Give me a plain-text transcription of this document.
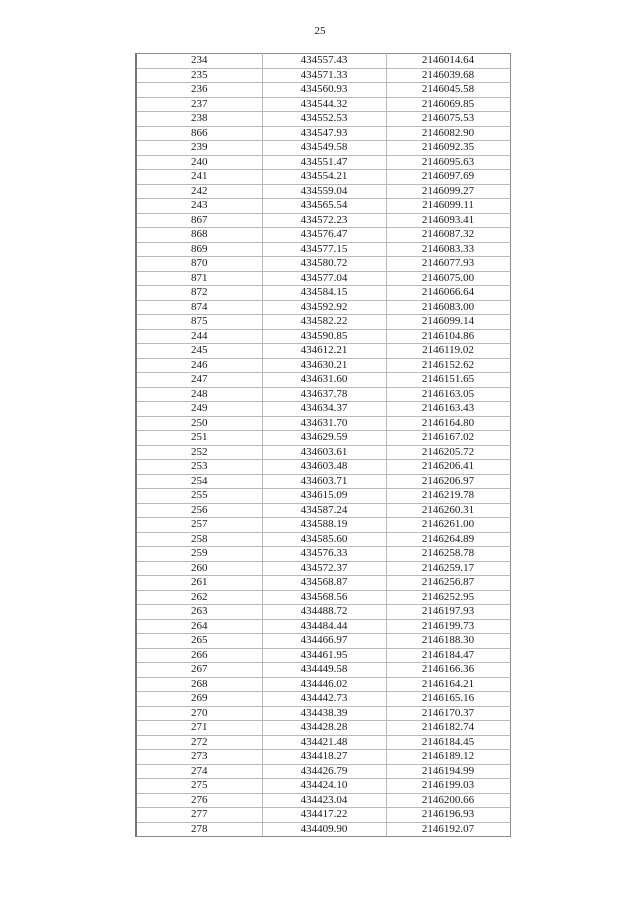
25
234	434557.43	2146014.64
235	434571.33	2146039.68
236	434560.93	2146045.58
237	434544.32	2146069.85
238	434552.53	2146075.53
866	434547.93	2146082.90
239	434549.58	2146092.35
240	434551.47	2146095.63
241	434554.21	2146097.69
242	434559.04	2146099.27
243	434565.54	2146099.11
867	434572.23	2146093.41
868	434576.47	2146087.32
869	434577.15	2146083.33
870	434580.72	2146077.93
871	434577.04	2146075.00
872	434584.15	2146066.64
874	434592.92	2146083.00
875	434582.22	2146099.14
244	434590.85	2146104.86
245	434612.21	2146119.02
246	434630.21	2146152.62
247	434631.60	2146151.65
248	434637.78	2146163.05
249	434634.37	2146163.43
250	434631.70	2146164.80
251	434629.59	2146167.02
252	434603.61	2146205.72
253	434603.48	2146206.41
254	434603.71	2146206.97
255	434615.09	2146219.78
256	434587.24	2146260.31
257	434588.19	2146261.00
258	434585.60	2146264.89
259	434576.33	2146258.78
260	434572.37	2146259.17
261	434568.87	2146256.87
262	434568.56	2146252.95
263	434488.72	2146197.93
264	434484.44	2146199.73
265	434466.97	2146188.30
266	434461.95	2146184.47
267	434449.58	2146166.36
268	434446.02	2146164.21
269	434442.73	2146165.16
270	434438.39	2146170.37
271	434428.28	2146182.74
272	434421.48	2146184.45
273	434418.27	2146189.12
274	434426.79	2146194.99
275	434424.10	2146199.03
276	434423.04	2146200.66
277	434417.22	2146196.93
278	434409.90	2146192.07
